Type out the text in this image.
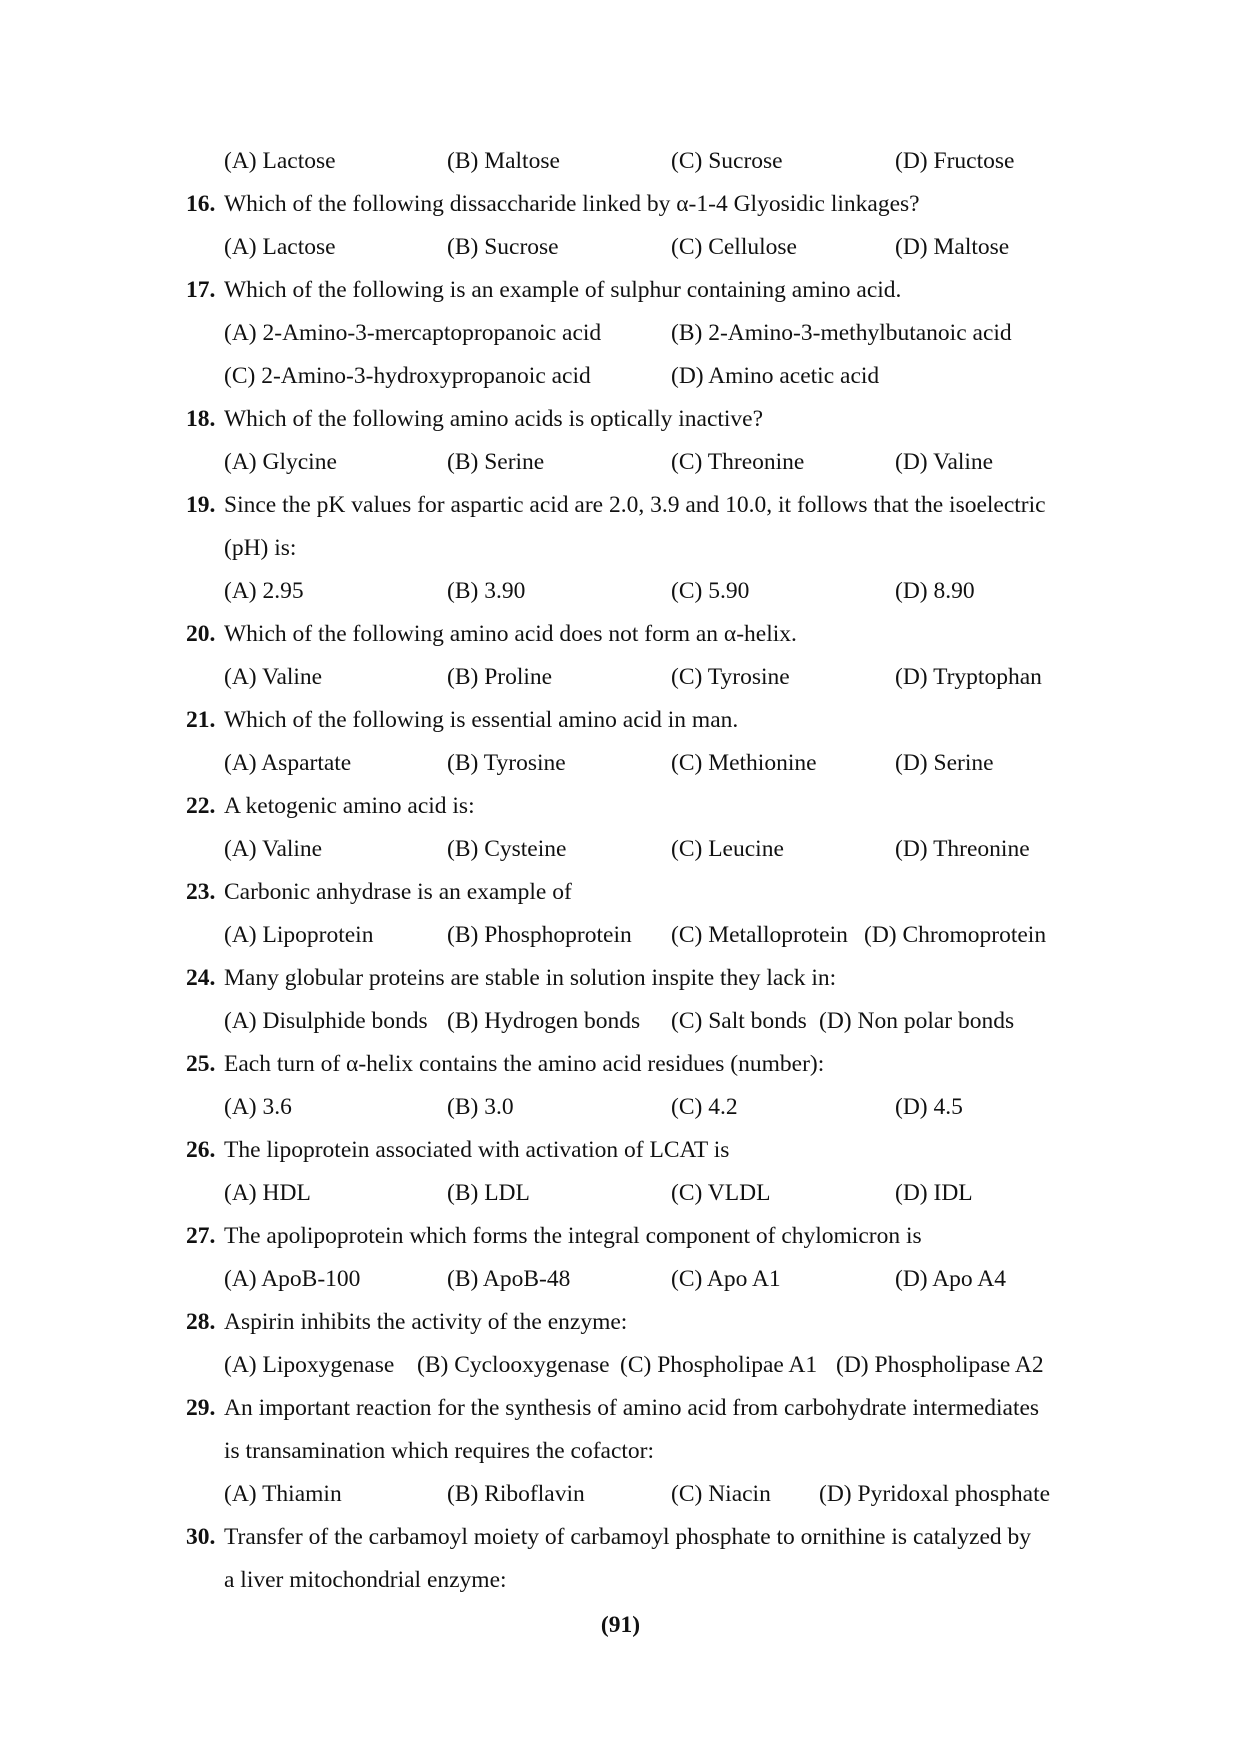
(A) Lactose	(B) Maltose	(C) Sucrose	(D) Fructose
16. Which of the following dissaccharide linked by α-1-4 Glyosidic linkages?
(A) Lactose	(B) Sucrose	(C) Cellulose	(D) Maltose
17. Which of the following is an example of sulphur containing amino acid.
(A) 2-Amino-3-mercaptopropanoic acid	(B) 2-Amino-3-methylbutanoic acid
(C) 2-Amino-3-hydroxypropanoic acid	(D) Amino acetic acid
18. Which of the following amino acids is optically inactive?
(A) Glycine	(B) Serine	(C) Threonine	(D) Valine
19. Since the pK values for aspartic acid are 2.0, 3.9 and 10.0, it follows that the isoelectric
(pH) is:
(A) 2.95	(B) 3.90	(C) 5.90	(D) 8.90
20. Which of the following amino acid does not form an α-helix.
(A) Valine	(B) Proline	(C) Tyrosine	(D) Tryptophan
21. Which of the following is essential amino acid in man.
(A) Aspartate	(B) Tyrosine	(C) Methionine	(D) Serine
22. A ketogenic amino acid is:
(A) Valine	(B) Cysteine	(C) Leucine	(D) Threonine
23. Carbonic anhydrase is an example of
(A) Lipoprotein	(B) Phosphoprotein (C) Metalloprotein (D) Chromoprotein
24. Many globular proteins are stable in solution inspite they lack in:
(A) Disulphide bonds (B) Hydrogen bonds (C) Salt bonds (D) Non polar bonds
25. Each turn of α-helix contains the amino acid residues (number):
(A) 3.6	(B) 3.0	(C) 4.2	(D) 4.5
26. The lipoprotein associated with activation of LCAT is
(A) HDL	(B) LDL	(C) VLDL	(D) IDL
27. The apolipoprotein which forms the integral component of chylomicron is
(A) ApoB-100	(B) ApoB-48	(C) Apo A1	(D) Apo A4
28. Aspirin inhibits the activity of the enzyme:
(A) Lipoxygenase (B) Cyclooxygenase (C) Phospholipae A1 (D) Phospholipase A2
29. An important reaction for the synthesis of amino acid from carbohydrate intermediates
is transamination which requires the cofactor:
(A) Thiamin	(B) Riboflavin	(C) Niacin (D) Pyridoxal phosphate
30. Transfer of the carbamoyl moiety of carbamoyl phosphate to ornithine is catalyzed by
a liver mitochondrial enzyme:
(91)
